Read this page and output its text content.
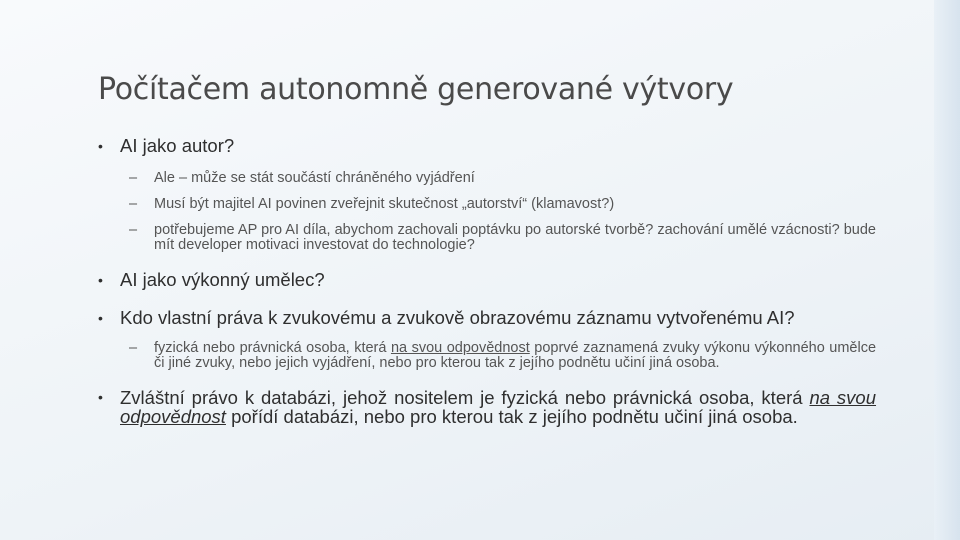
Počítačem autonomně generované výtvory
• AI jako autor?
– Ale – může se stát součástí chráněného vyjádření
– Musí být majitel AI povinen zveřejnit skutečnost „autorství“ (klamavost?)
– potřebujeme AP pro AI díla, abychom zachovali poptávku po autorské tvorbě? zachování umělé vzácnosti? bude mít developer motivaci investovat do technologie?
• AI jako výkonný umělec?
• Kdo vlastní práva k zvukovému a zvukově obrazovému záznamu vytvořenému AI?
– fyzická nebo právnická osoba, která na svou odpovědnost poprvé zaznamená zvuky výkonu výkonného umělce či jiné zvuky, nebo jejich vyjádření, nebo pro kterou tak z jejího podnětu učiní jiná osoba.
• Zvláštní právo k databázi, jehož nositelem je fyzická nebo právnická osoba, která na svou odpovědnost pořídí databázi, nebo pro kterou tak z jejího podnětu učiní jiná osoba.
